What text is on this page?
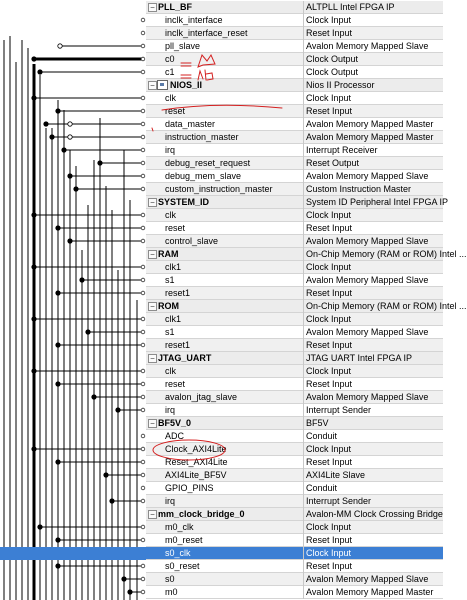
− PLL_BF	ALTPLL Intel FPGA IP
inclk_interface	Clock Input
inclk_interface_reset	Reset Input
pll_slave	Avalon Memory Mapped Slave
c0	Clock Output
c1	Clock Output
− NIOS_II	Nios II Processor
clk	Clock Input
reset	Reset Input
data_master	Avalon Memory Mapped Master
instruction_master	Avalon Memory Mapped Master
irq	Interrupt Receiver
debug_reset_request	Reset Output
debug_mem_slave	Avalon Memory Mapped Slave
custom_instruction_master	Custom Instruction Master
− SYSTEM_ID	System ID Peripheral Intel FPGA IP
clk	Clock Input
reset	Reset Input
control_slave	Avalon Memory Mapped Slave
− RAM	On-Chip Memory (RAM or ROM) Intel ...
clk1	Clock Input
s1	Avalon Memory Mapped Slave
reset1	Reset Input
− ROM	On-Chip Memory (RAM or ROM) Intel ...
clk1	Clock Input
s1	Avalon Memory Mapped Slave
reset1	Reset Input
− JTAG_UART	JTAG UART Intel FPGA IP
clk	Clock Input
reset	Reset Input
avalon_jtag_slave	Avalon Memory Mapped Slave
irq	Interrupt Sender
− BF5V_0	BF5V
ADC	Conduit
Clock_AXI4Lite	Clock Input
Reset_AXI4Lite	Reset Input
AXI4Lite_BF5V	AXI4Lite Slave
GPIO_PINS	Conduit
irq	Interrupt Sender
− mm_clock_bridge_0	Avalon-MM Clock Crossing Bridge
m0_clk	Clock Input
m0_reset	Reset Input
s0_clk	Clock Input
s0_reset	Reset Input
s0	Avalon Memory Mapped Slave
m0	Avalon Memory Mapped Master
